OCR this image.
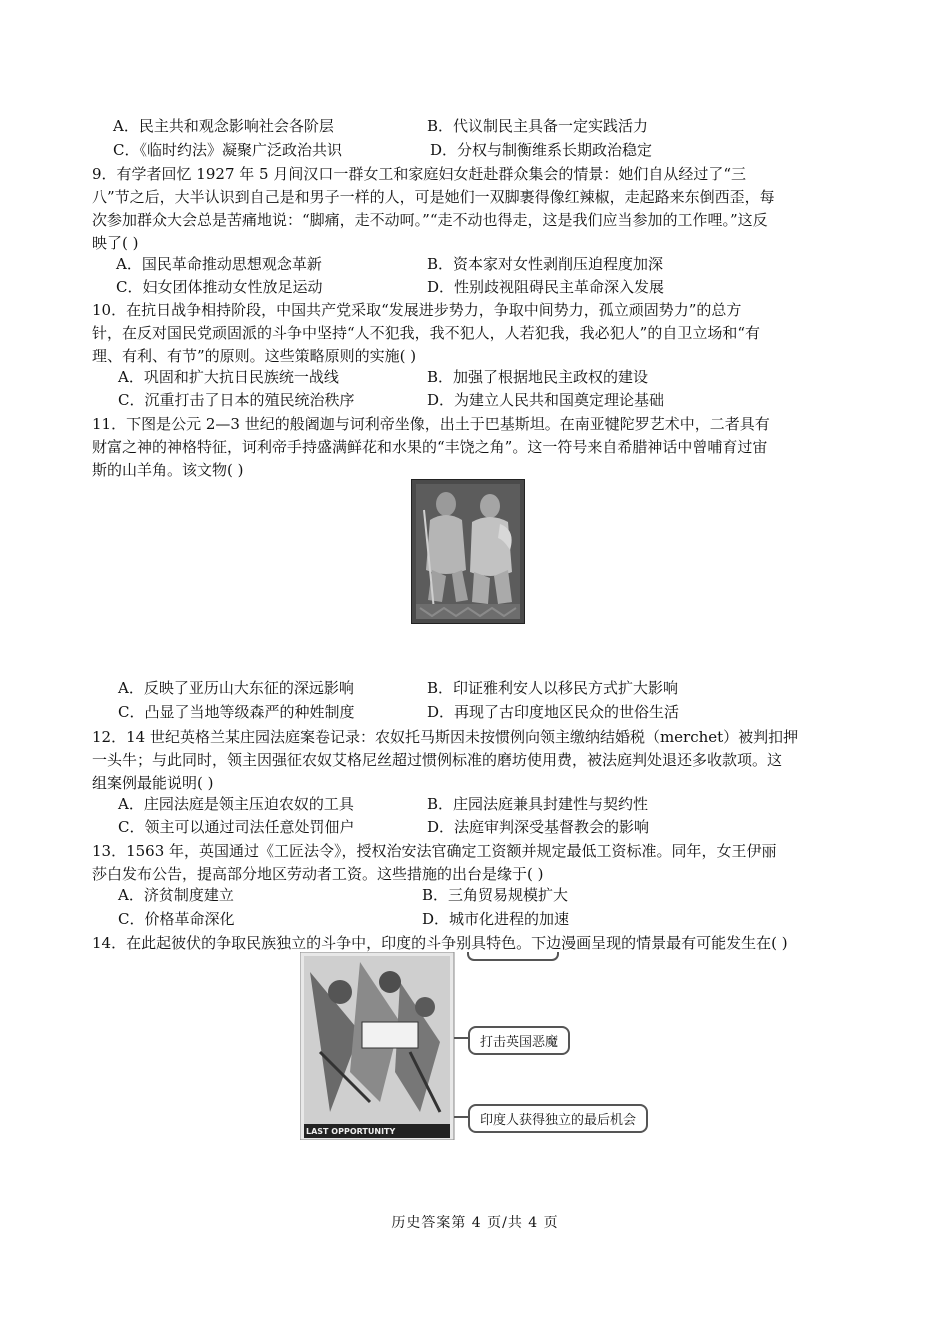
A．民主共和观念影响社会各阶层	B．代议制民主具备一定实践活力
C．《临时约法》凝聚广泛政治共识	D．分权与制衡维系长期政治稳定
9．有学者回忆 1927 年 5 月间汉口一群女工和家庭妇女赶赴群众集会的情景：她们自从经过了“三
八”节之后，大半认识到自己是和男子一样的人，可是她们一双脚裹得像红辣椒，走起路来东倒西歪，每
次参加群众大会总是苦痛地说：“脚痛，走不动呵。”“走不动也得走，这是我们应当参加的工作哩。”这反
映了( )
A．国民革命推动思想观念革新	B．资本家对女性剥削压迫程度加深
C．妇女团体推动女性放足运动	D．性别歧视阻碍民主革命深入发展
10．在抗日战争相持阶段，中国共产党采取“发展进步势力，争取中间势力，孤立顽固势力”的总方
针，在反对国民党顽固派的斗争中坚持“人不犯我，我不犯人，人若犯我，我必犯人”的自卫立场和“有
理、有利、有节”的原则。这些策略原则的实施( )
A．巩固和扩大抗日民族统一战线	B．加强了根据地民主政权的建设
C．沉重打击了日本的殖民统治秩序	D．为建立人民共和国奠定理论基础
11．下图是公元 2—3 世纪的般阇迦与诃利帝坐像，出土于巴基斯坦。在南亚犍陀罗艺术中，二者具有
财富之神的神格特征，诃利帝手持盛满鲜花和水果的“丰饶之角”。这一符号来自希腊神话中曾哺育过宙
斯的山羊角。该文物( )
A．反映了亚历山大东征的深远影响	B．印证雅利安人以移民方式扩大影响
C．凸显了当地等级森严的种姓制度	D．再现了古印度地区民众的世俗生活
12．14 世纪英格兰某庄园法庭案卷记录：农奴托马斯因未按惯例向领主缴纳结婚税（merchet）被判扣押
一头牛；与此同时，领主因强征农奴艾格尼丝超过惯例标准的磨坊使用费，被法庭判处退还多收款项。这
组案例最能说明( )
A．庄园法庭是领主压迫农奴的工具	B．庄园法庭兼具封建性与契约性
C．领主可以通过司法任意处罚佃户	D．法庭审判深受基督教会的影响
13．1563 年，英国通过《工匠法令》，授权治安法官确定工资额并规定最低工资标准。同年，女王伊丽
莎白发布公告，提高部分地区劳动者工资。这些措施的出台是缘于( )
A．济贫制度建立	B．三角贸易规模扩大
C．价格革命深化	D．城市化进程的加速
14．在此起彼伏的争取民族独立的斗争中，印度的斗争别具特色。下边漫画呈现的情景最有可能发生在( )
LAST OPPORTUNITY
打击英国恶魔
印度人获得独立的最后机会
历史答案第 4 页/共 4 页
